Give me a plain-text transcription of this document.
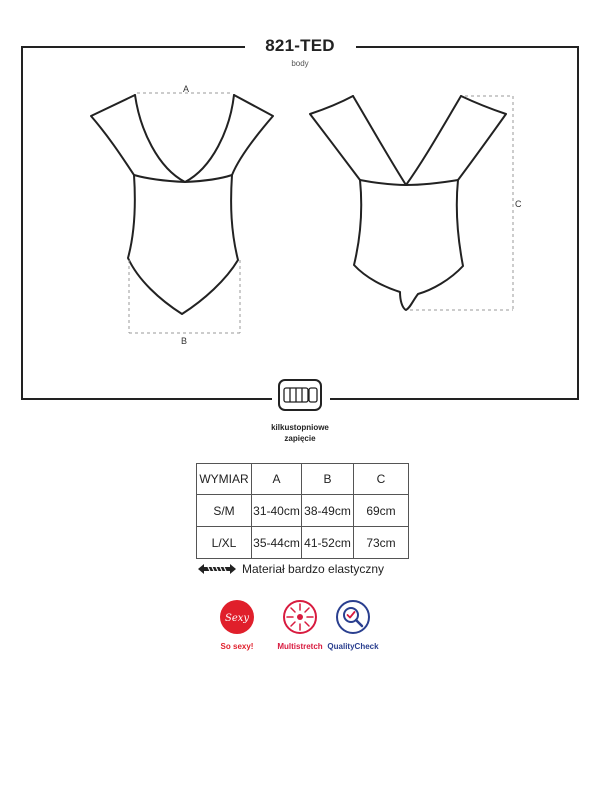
821-TED
body
A
B
C
kilkustopniowe
zapięcie
WYMIAR	A	B	C
S/M	31-40cm	38-49cm	69cm
L/XL	35-44cm	41-52cm	73cm
Materiał bardzo elastyczny
Sexy
So sexy!	Multistretch QualityCheck
